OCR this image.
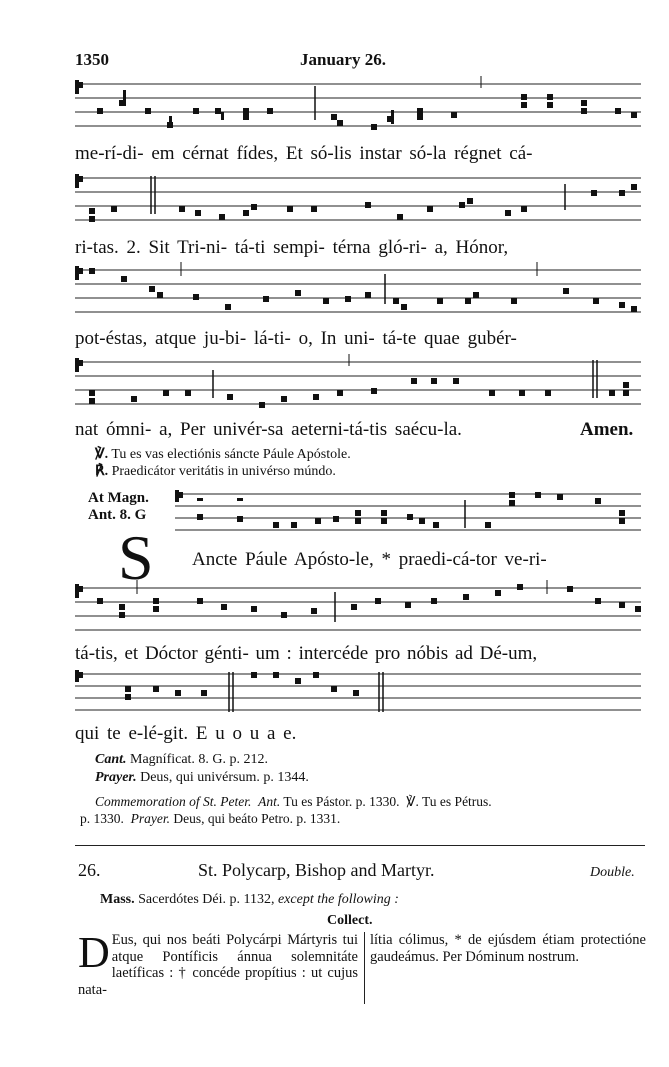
1350	January 26.
me-rí-di- em cérnat fídes, Et só-lis instar só-la régnet cá-
ri-tas. 2. Sit Tri-ni- tá-ti sempi- térna gló-ri- a, Hónor,
pot-éstas, atque ju-bi- lá-ti- o, In uni- tá-te quae gubér-
nat ómni- a, Per univér-sa aeterni-tá-tis saécu-la.	Amen.
℣. Tu es vas electiónis sáncte Páule Apóstole.
℟. Praedicátor veritátis in univérso múndo.
At Magn.
Ant. 8. G
S Ancte Páule Apósto-le, * praedi-cá-tor ve-ri-
tá-tis, et Dóctor génti- um : intercéde pro nóbis ad Dé-um,
qui te e-lé-git. E u o u a e.
Cant. Magníficat. 8. G. p. 212.
Prayer. Deus, qui univérsum. p. 1344.
Commemoration of St. Peter. Ant. Tu es Pástor. p. 1330. ℣. Tu es Pétrus.
p. 1330. Prayer. Deus, qui beáto Petro. p. 1331.
26.	St. Polycarp, Bishop and Martyr.	Double.
Mass. Sacerdótes Déi. p. 1132, except the following :
Collect.
D Eus, qui nos beáti Polycárpi Mártyris tui atque Pontíficis ánnua solemnitáte laetíficas : † concéde propítius : ut cujus nata-
lítia cólimus, * de ejúsdem étiam protectióne gaudeámus. Per Dóminum nostrum.
